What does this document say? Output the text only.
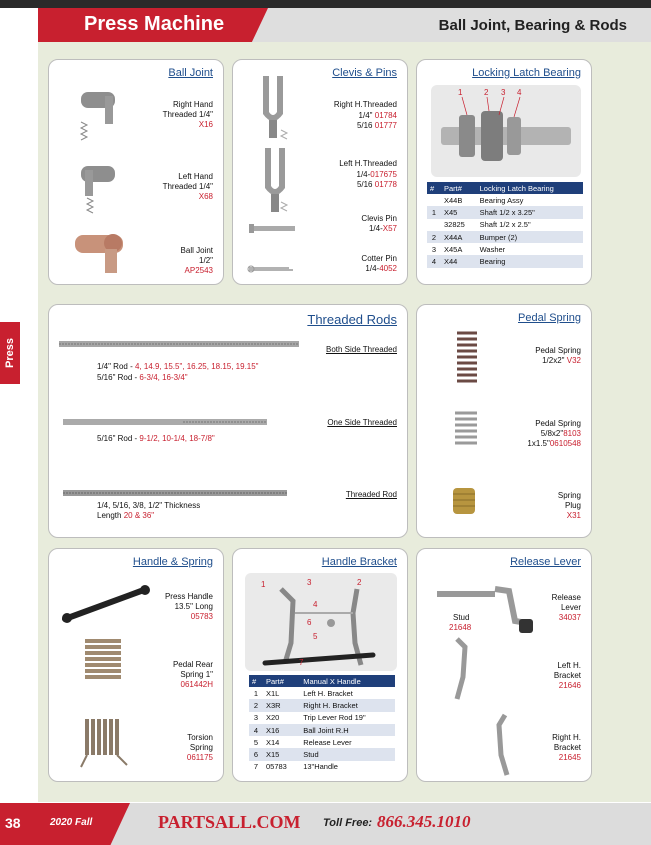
Press Machine	Ball Joint, Bearing & Rods
Press
Ball Joint
Right Hand
Threaded 1/4"
X16
Left Hand
Threaded 1/4"
X68
Ball Joint
1/2"
AP2543
Clevis & Pins
Right H.Threaded
1/4" 01784
5/16 01777
Left H.Threaded
1/4-017675
5/16 01778
Clevis Pin
1/4-X57
Cotter Pin
1/4-4052
Locking Latch Bearing
1	2 3 4
#	Part#	Locking Latch Bearing
	X44B	Bearing Assy
1	X45	Shaft 1/2 x 3.25"
	32825	Shaft 1/2 x 2.5"
2	X44A	Bumper (2)
3	X45A	Washer
4	X44	Bearing
Threaded Rods
Both Side Threaded
1/4" Rod - 4, 14.9, 15.5", 16.25, 18.15, 19.15"
5/16" Rod - 6-3/4, 16-3/4"
One Side Threaded
5/16" Rod - 9-1/2, 10-1/4, 18-7/8"
Threaded Rod
1/4, 5/16, 3/8, 1/2" Thickness
Length 20 & 36"
Pedal Spring
Pedal Spring
1/2x2" V32
Pedal Spring
5/8x2"8103
1x1.5"0610548
Spring
Plug
X31
Handle & Spring
Press Handle
13.5" Long
05783
Pedal Rear
Spring 1"
061442H
Torsion
Spring
061175
Handle Bracket
1	3	2
4
6
5
7
#	Part#	Manual X Handle
1	X1L	Left H. Bracket
2	X3R	Right H. Bracket
3	X20	Trip Lever Rod 19"
4	X16	Ball Joint R.H
5	X14	Release Lever
6	X15	Stud
7	05783	13"Handle
Release Lever
Stud
21648
Release
Lever
34037
Left H.
Bracket
21646
Right H.
Bracket
21645
38	2020 Fall	PARTSALL.COM Toll Free: 866.345.1010
